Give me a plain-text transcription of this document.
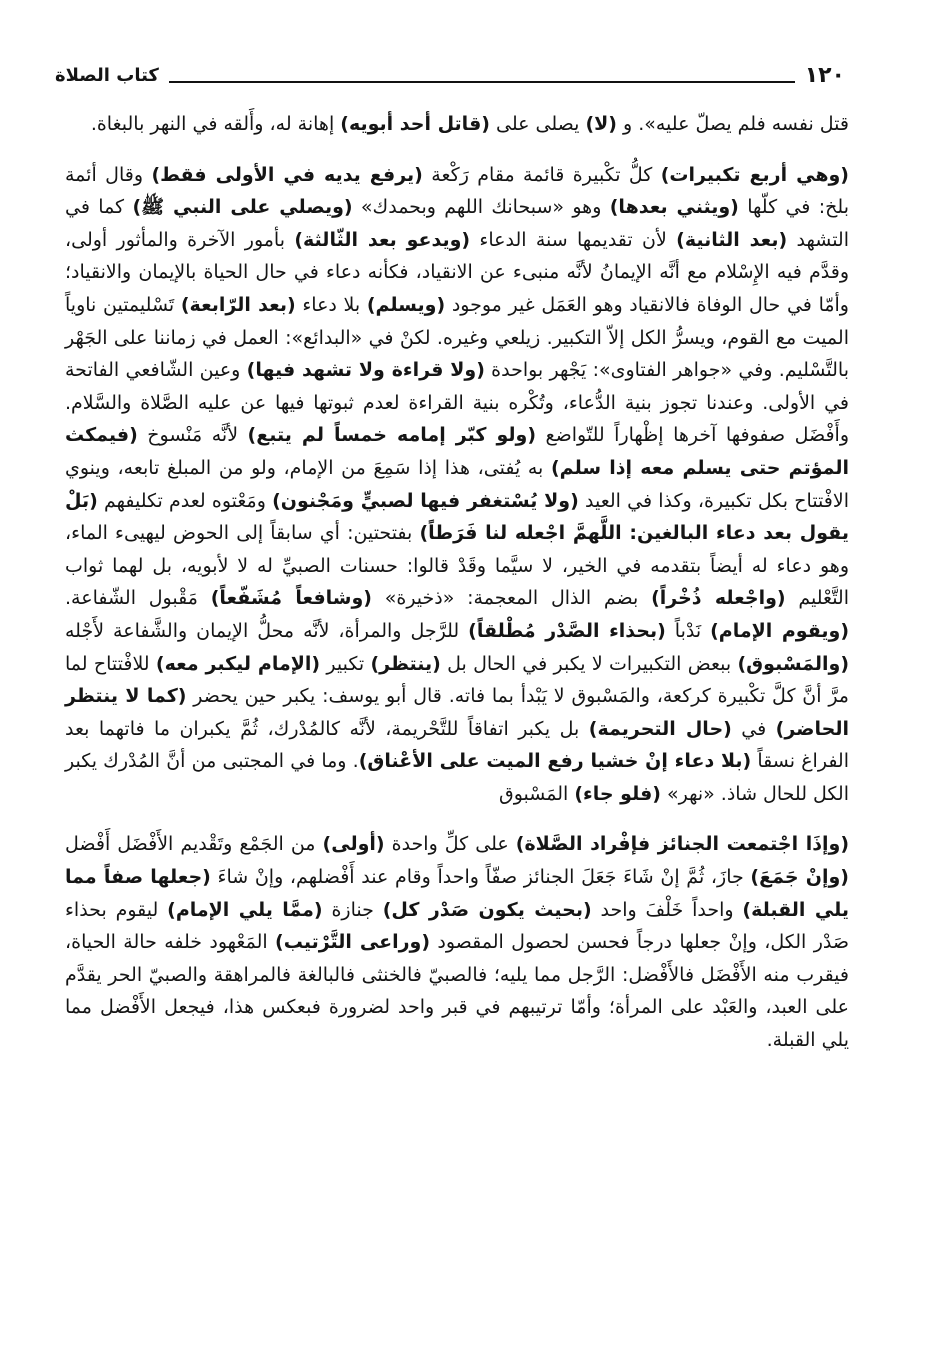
١٢٠
كتاب الصلاة

قتل نفسه فلم يصلّ عليه». و (لا) يصلى على (قاتل أحد أبويه) إهانة له، وأَلقه في النهر بالبغاة.

(وهي أربع تكبيرات) كلُّ تكْبيرة قائمة مقام رَكْعة (يرفع يديه في الأولى فقط) وقال أئمة بلخ: في كلّها (ويثني بعدها) وهو «سبحانك اللهم وبحمدك» (ويصلي على النبي ﷺ) كما في التشهد (بعد الثانية) لأن تقديمها سنة الدعاء (ويدعو بعد الثّالثة) بأمور الآخرة والمأثور أولى، وقدَّم فيه الإِسْلام مع أنَّه الإيمانُ لأنَّه منبىء عن الانقياد، فكأنه دعاء في حال الحياة بالإيمان والانقياد؛ وأمّا في حال الوفاة فالانقياد وهو العَمَل غير موجود (ويسلم) بلا دعاء (بعد الرّابعة) تَسْليمتين ناوياً الميت مع القوم، ويسرُّ الكل إلاّ التكبير. زيلعي وغيره. لكنْ في «البدائع»: العمل في زماننا على الجَهْر بالتَّسْليم. وفي «جواهر الفتاوى»: يَجْهر بواحدة (ولا قراءة ولا تشهد فيها) وعين الشّافعي الفاتحة في الأولى. وعندنا تجوز بنية الدُّعاء، وتُكْره بنية القراءة لعدم ثبوتها فيها عن عليه الصَّلاة والسَّلام. وأَفْضَل صفوفها آخرها إظْهاراً للتّواضع (ولو كبّر إمامه خمساً لم يتبع) لأنَّه مَنْسوخ (فيمكث المؤتم حتى يسلم معه إذا سلم) به يُفتى، هذا إذا سَمِعَ من الإمام، ولو من المبلغ تابعه، وينوي الافْتتاح بكل تكبيرة، وكذا في العيد (ولا يُسْتغفر فيها لصبيٍّ ومَجْنون) ومَعْتوه لعدم تكليفهم (بَلْ يقول بعد دعاء البالغين: اللَّهمَّ اجْعله لنا فَرَطاً) بفتحتين: أي سابقاً إلى الحوض ليهيىء الماء، وهو دعاء له أيضاً بتقدمه في الخير، لا سيَّما وقَدْ قالوا: حسنات الصبيِّ له لا لأبويه، بل لهما ثواب التَّعْليم (واجْعله ذُخْراً) بضم الذال المعجمة: «ذخيرة» (وشافعاً مُشَفّعاً) مَقْبول الشّفاعة. (ويقوم الإمام) نَدْباً (بحذاء الصَّدْر مُطْلقاً) للرَّجل والمرأة، لأنَّه محلُّ الإيمان والشَّفاعة لأَجْله (والمَسْبوق) ببعض التكبيرات لا يكبر في الحال بل (ينتظر) تكبير (الإمام ليكبر معه) للافْتتاح لما مرَّ أنَّ كلَّ تكْبيرة كركعة، والمَسْبوق لا يَبْدأ بما فاته. قال أبو يوسف: يكبر حين يحضر (كما لا ينتظر الحاضر) في (حال التحريمة) بل يكبر اتفاقاً للتَّحْريمة، لأنَّه كالمُدْرك، ثُمَّ يكبران ما فاتهما بعد الفراغ نسقاً (بلا دعاء إنْ خشيا رفع الميت على الأعْناق). وما في المجتبى من أنَّ المُدْرك يكبر الكل للحال شاذ. «نهر» (فلو جاء) المَسْبوق

(وإذَا اجْتمعت الجنائز فإفْراد الصَّلاة) على كلِّ واحدة (أولى) من الجَمْع وتَقْديم الأَفْضَل أَفْضل (وإنْ جَمَعَ) جازَ، ثُمَّ إنْ شَاءَ جَعَلَ الجنائز صفّاً واحداً وقام عند أَفْضلهم، وإنْ شاءَ (جعلها صفاً مما يلي القبلة) واحداً خَلْفَ واحد (بحيث يكون صَدْر كل) جنازة (ممَّا يلي الإمام) ليقوم بحذاء صَدْر الكل، وإنْ جعلها درجاً فحسن لحصول المقصود (وراعى التَّرْتيب) المَعْهود خلفه حالة الحياة، فيقرب منه الأَفْضَل فالأَفْضل: الرَّجل مما يليه؛ فالصبيّ فالخنثى فالبالغة فالمراهقة والصبيّ الحر يقدَّم على العبد، والعَبْد على المرأة؛ وأمّا ترتيبهم في قبر واحد لضرورة فبعكس هذا، فيجعل الأَفْضل مما يلي القبلة.
